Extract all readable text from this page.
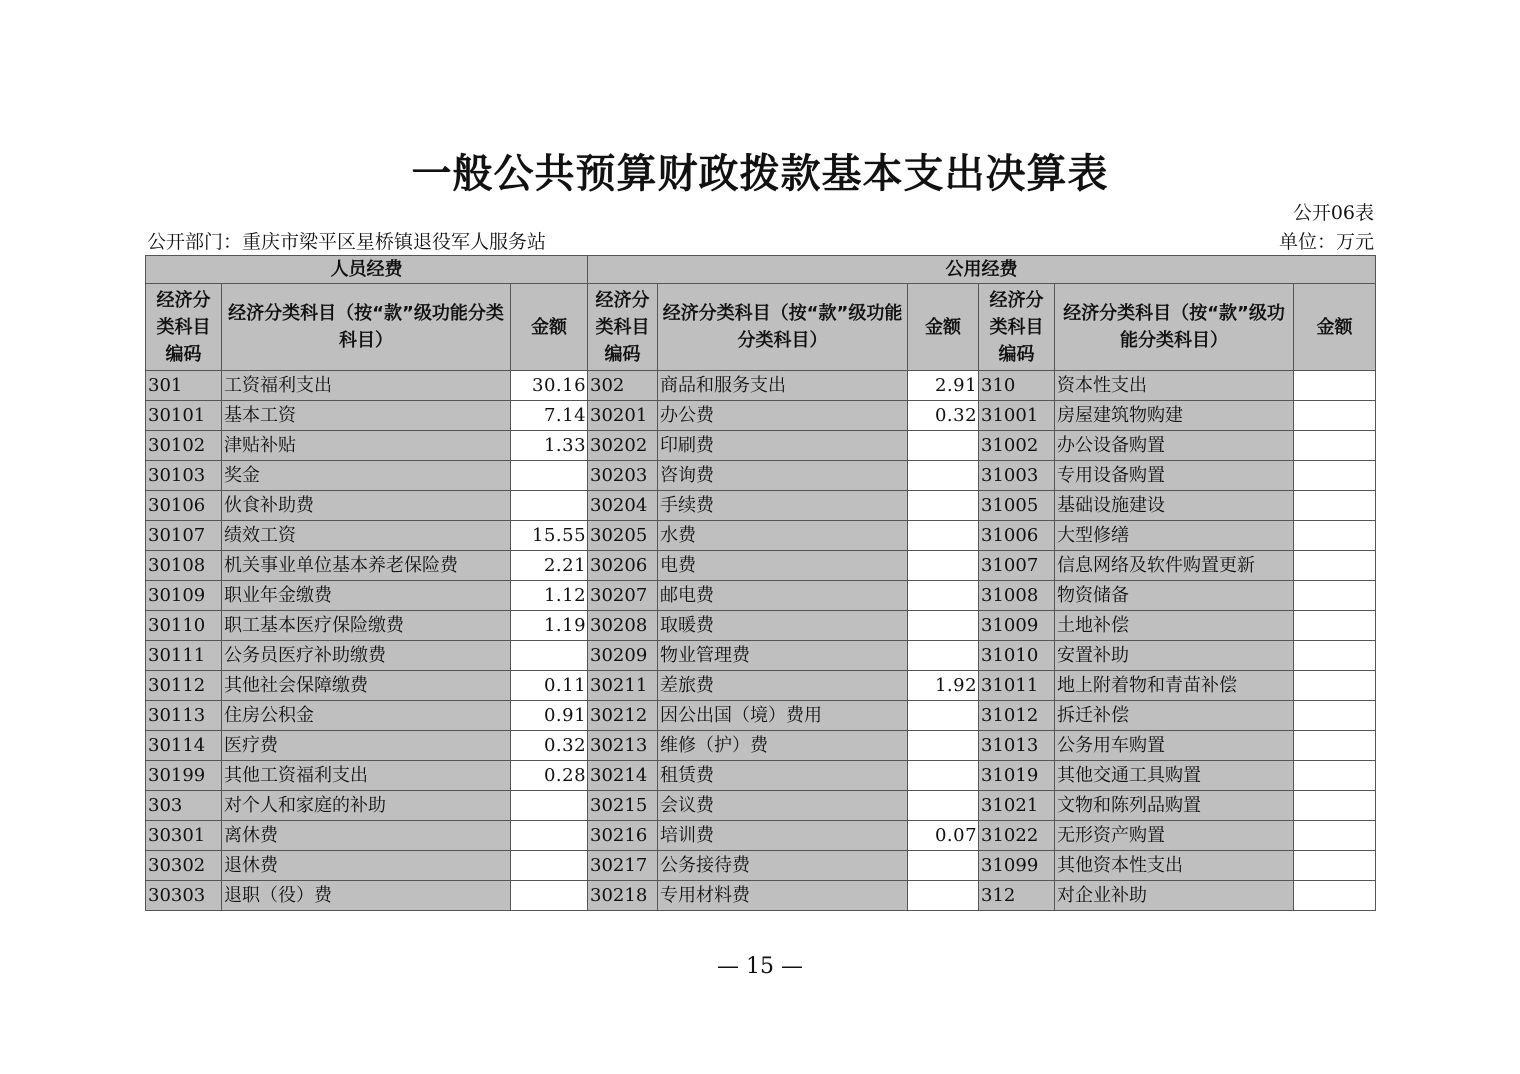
一般公共预算财政拨款基本支出决算表
公开06表
公开部门：重庆市梁平区星桥镇退役军人服务站	单位：万元
人员经费			公用经费					
经济分类科目编码	经济分类科目（按“款”级功能分类科目）	金额	经济分类科目编码	经济分类科目（按“款”级功能分类科目）	金额	经济分类科目编码	经济分类科目（按“款”级功能分类科目）	金额
301	工资福利支出	30.16	302	商品和服务支出	2.91	310	资本性支出	
30101	基本工资	7.14	30201	办公费	0.32	31001	房屋建筑物购建	
30102	津贴补贴	1.33	30202	印刷费		31002	办公设备购置	
30103	奖金		30203	咨询费		31003	专用设备购置	
30106	伙食补助费		30204	手续费		31005	基础设施建设	
30107	绩效工资	15.55	30205	水费		31006	大型修缮	
30108	机关事业单位基本养老保险费	2.21	30206	电费		31007	信息网络及软件购置更新	
30109	职业年金缴费	1.12	30207	邮电费		31008	物资储备	
30110	职工基本医疗保险缴费	1.19	30208	取暖费		31009	土地补偿	
30111	公务员医疗补助缴费		30209	物业管理费		31010	安置补助	
30112	其他社会保障缴费	0.11	30211	差旅费	1.92	31011	地上附着物和青苗补偿	
30113	住房公积金	0.91	30212	因公出国（境）费用		31012	拆迁补偿	
30114	医疗费	0.32	30213	维修（护）费		31013	公务用车购置	
30199	其他工资福利支出	0.28	30214	租赁费		31019	其他交通工具购置	
303	对个人和家庭的补助		30215	会议费		31021	文物和陈列品购置	
30301	离休费		30216	培训费	0.07	31022	无形资产购置	
30302	退休费		30217	公务接待费		31099	其他资本性支出	
30303	退职（役）费		30218	专用材料费		312	对企业补助	
— 15 —
